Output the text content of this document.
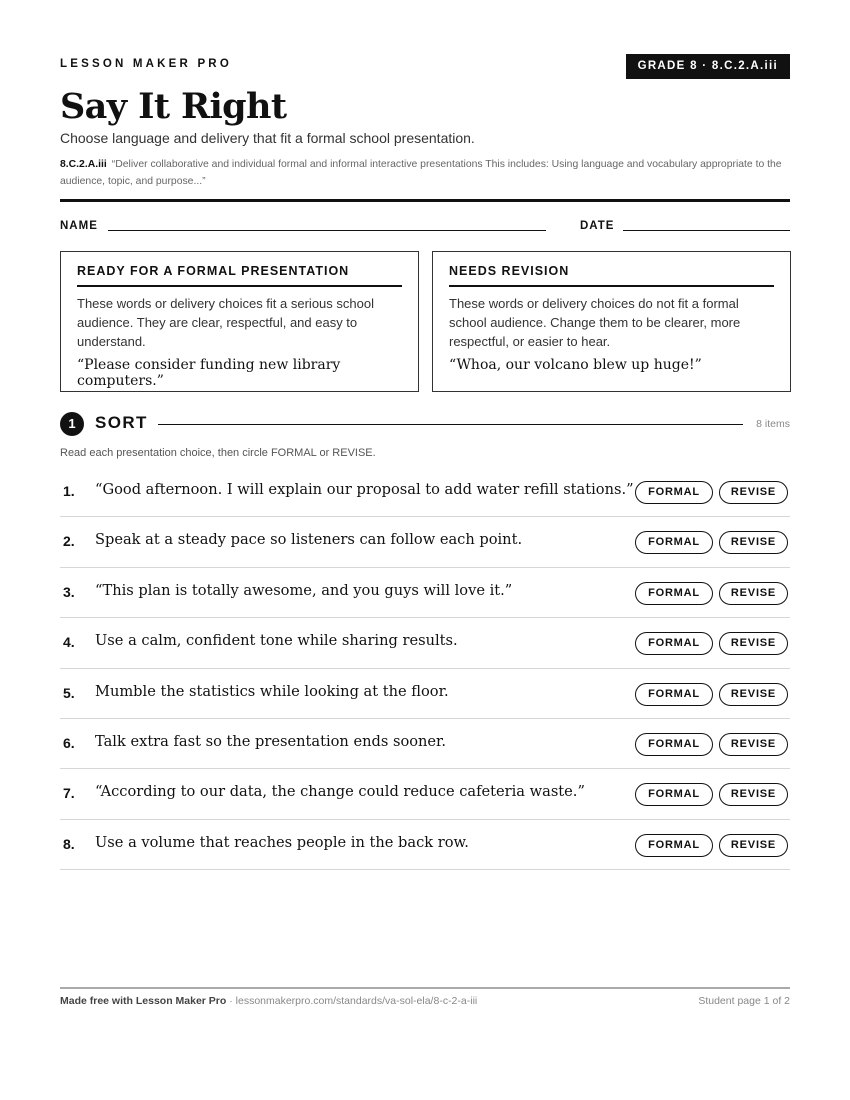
LESSON MAKER PRO	GRADE 8 · 8.C.2.A.iii
Say It Right
Choose language and delivery that fit a formal school presentation.
8.C.2.A.iii “Deliver collaborative and individual formal and informal interactive presentations This includes: Using language and vocabulary appropriate to the audience, topic, and purpose...”
NAME	DATE
READY FOR A FORMAL PRESENTATION
These words or delivery choices fit a serious school audience. They are clear, respectful, and easy to understand.
“Please consider funding new library computers.”
NEEDS REVISION
These words or delivery choices do not fit a formal school audience. Change them to be clearer, more respectful, or easier to hear.
“Whoa, our volcano blew up huge!”
1	SORT	8 items
Read each presentation choice, then circle FORMAL or REVISE.
1. “Good afternoon. I will explain our proposal to add water refill stations.”	FORMAL	REVISE
2. Speak at a steady pace so listeners can follow each point.	FORMAL	REVISE
3. “This plan is totally awesome, and you guys will love it.”	FORMAL	REVISE
4. Use a calm, confident tone while sharing results.	FORMAL	REVISE
5. Mumble the statistics while looking at the floor.	FORMAL	REVISE
6. Talk extra fast so the presentation ends sooner.	FORMAL	REVISE
7. “According to our data, the change could reduce cafeteria waste.”	FORMAL	REVISE
8. Use a volume that reaches people in the back row.	FORMAL	REVISE
Made free with Lesson Maker Pro · lessonmakerpro.com/standards/va-sol-ela/8-c-2-a-iii	Student page 1 of 2
